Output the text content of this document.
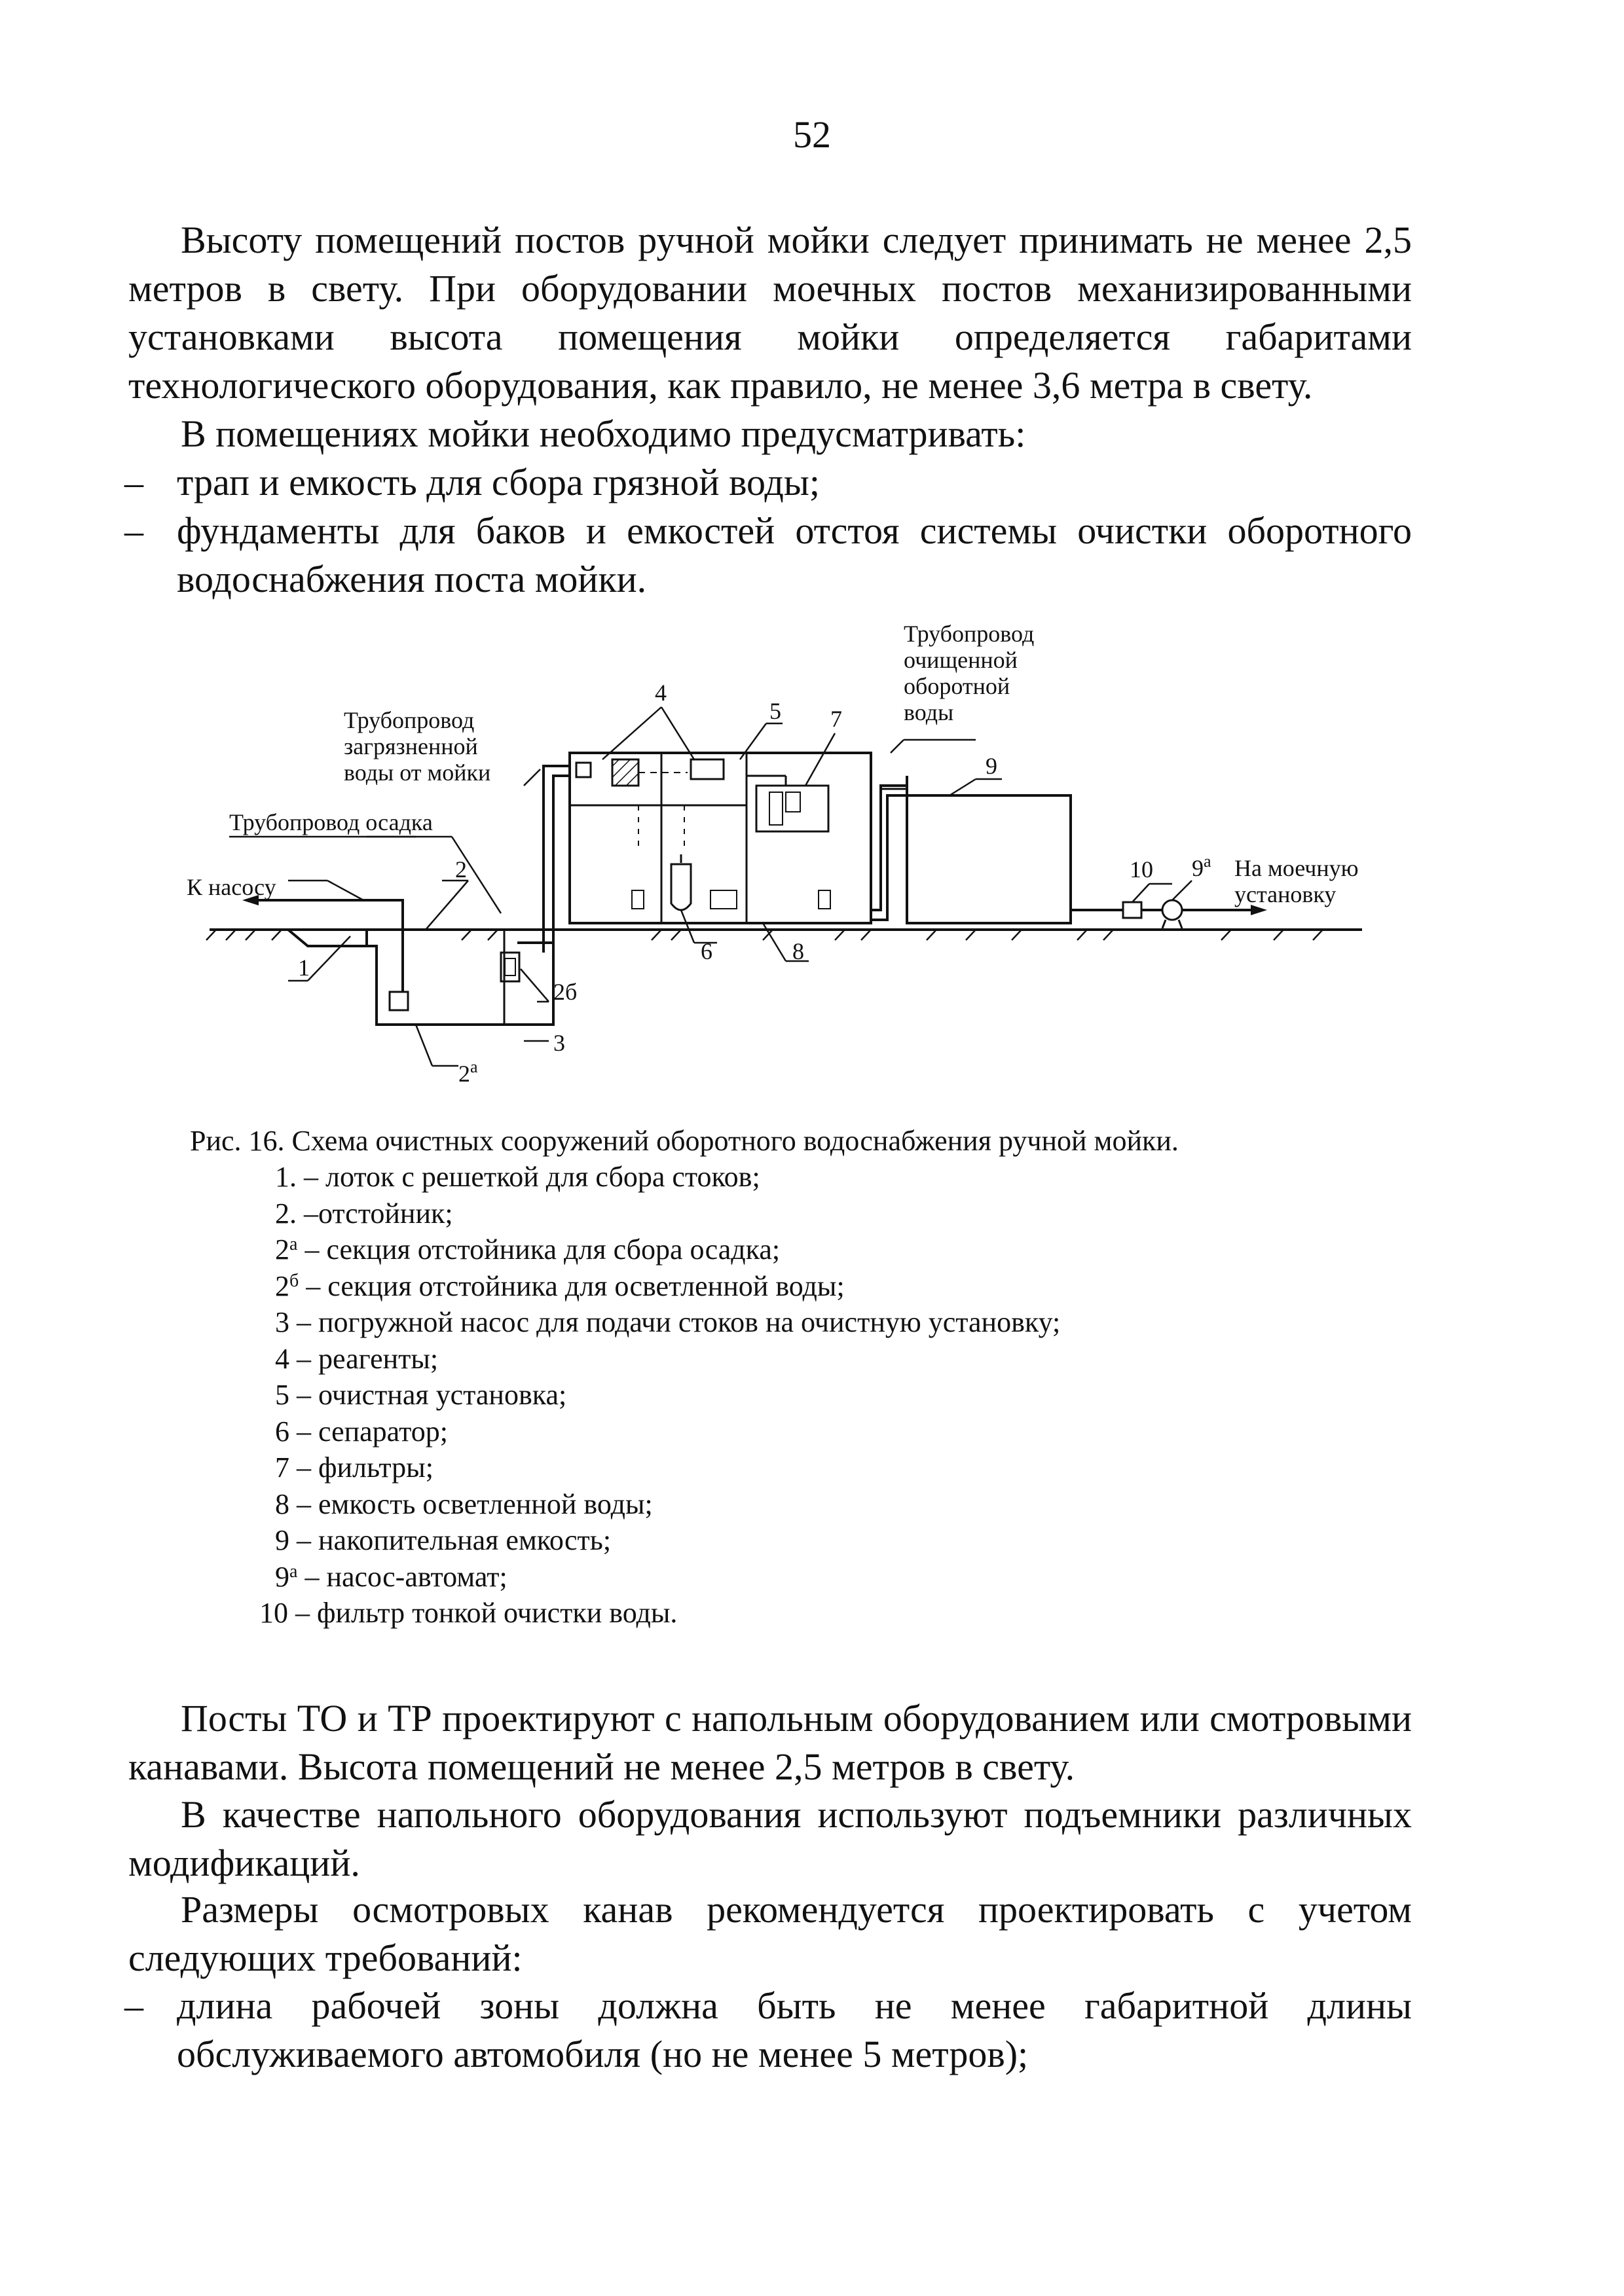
52

Высоту помещений постов ручной мойки следует принимать не менее 2,5 метров в свету. При оборудовании моечных постов механизированными установками высота помещения мойки определяется габаритами технологического оборудования, как правило, не менее 3,6 метра в свету.

В помещениях мойки необходимо предусматривать:

– трап и емкость для сбора грязной воды;

– фундаменты для баков и емкостей отстоя системы очистки оборотного водоснабжения поста мойки.

Трубопровод
очищенной
оборотной
воды
Трубопровод
загрязненной
воды от мойки
Трубопровод осадка
К насосу
На моечную
установку
1
2
$2^а$
2б
3
4
5
6
7
8
9
$9^а$
10

Рис. 16. Схема очистных сооружений оборотного водоснабжения ручной мойки.

1. – лоток с решеткой для сбора стоков;
2. –отстойник;
$2^а$ – секция отстойника для сбора осадка;
$2^б$ – секция отстойника для осветленной воды;
3 – погружной насос для подачи стоков на очистную установку;
4 – реагенты;
5 – очистная установка;
6 – сепаратор;
7 – фильтры;
8 – емкость осветленной воды;
9 – накопительная емкость;
$9^а$ – насос-автомат;
10 – фильтр тонкой очистки воды.

Посты ТО и ТР проектируют с напольным оборудованием или смотровыми канавами. Высота помещений не менее 2,5 метров в свету.

В качестве напольного оборудования используют подъемники различных модификаций.

Размеры осмотровых канав рекомендуется проектировать с учетом следующих требований:

– длина рабочей зоны должна быть не менее габаритной длины обслуживаемого автомобиля (но не менее 5 метров);
